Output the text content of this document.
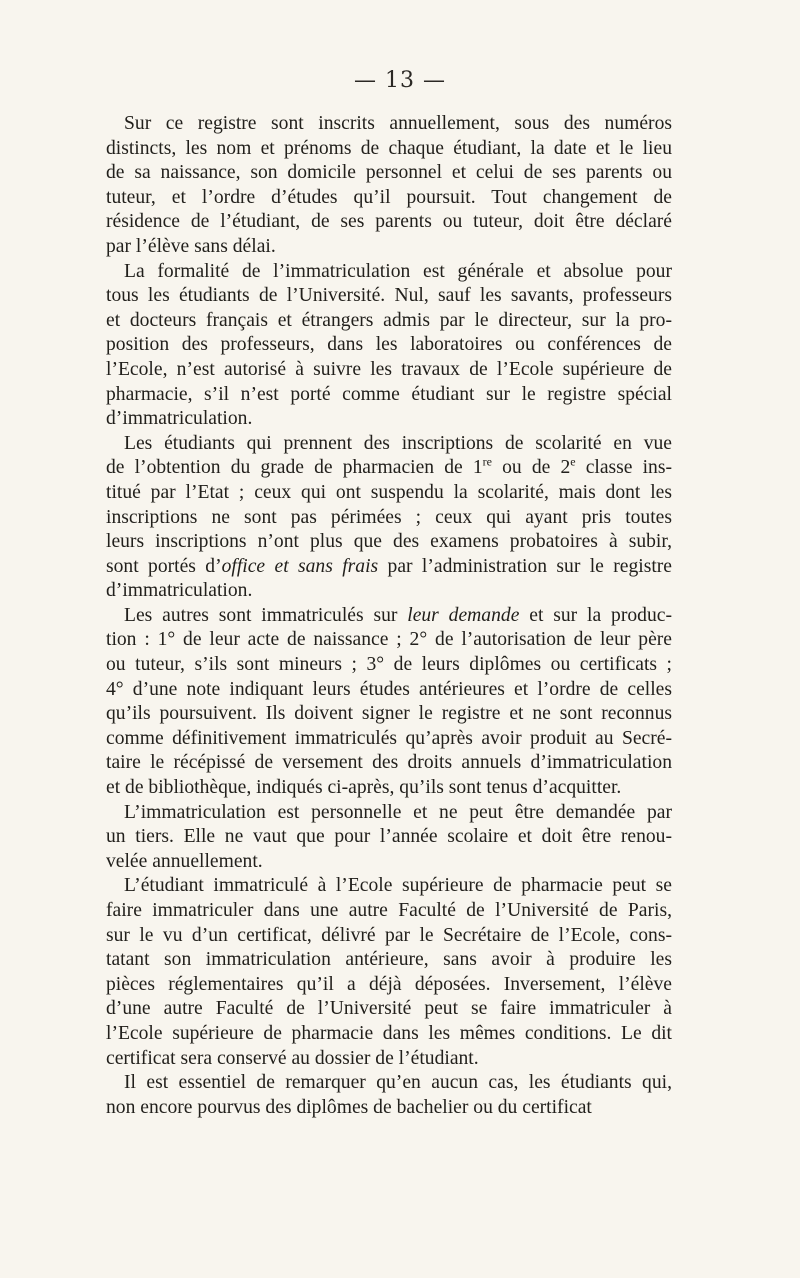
— 13 —
Sur ce registre sont inscrits annuellement, sous des numéros
distincts, les nom et prénoms de chaque étudiant, la date et le lieu
de sa naissance, son domicile personnel et celui de ses parents ou
tuteur, et l’ordre d’études qu’il poursuit. Tout changement de
résidence de l’étudiant, de ses parents ou tuteur, doit être déclaré
par l’élève sans délai.
La formalité de l’immatriculation est générale et absolue pour
tous les étudiants de l’Université. Nul, sauf les savants, professeurs
et docteurs français et étrangers admis par le directeur, sur la pro-
position des professeurs, dans les laboratoires ou conférences de
l’Ecole, n’est autorisé à suivre les travaux de l’Ecole supérieure de
pharmacie, s’il n’est porté comme étudiant sur le registre spécial
d’immatriculation.
Les étudiants qui prennent des inscriptions de scolarité en vue
de l’obtention du grade de pharmacien de 1re ou de 2e classe ins-
titué par l’Etat ; ceux qui ont suspendu la scolarité, mais dont les
inscriptions ne sont pas périmées ; ceux qui ayant pris toutes
leurs inscriptions n’ont plus que des examens probatoires à subir,
sont portés d’office et sans frais par l’administration sur le registre
d’immatriculation.
Les autres sont immatriculés sur leur demande et sur la produc-
tion : 1° de leur acte de naissance ; 2° de l’autorisation de leur père
ou tuteur, s’ils sont mineurs ; 3° de leurs diplômes ou certificats ;
4° d’une note indiquant leurs études antérieures et l’ordre de celles
qu’ils poursuivent. Ils doivent signer le registre et ne sont reconnus
comme définitivement immatriculés qu’après avoir produit au Secré-
taire le récépissé de versement des droits annuels d’immatriculation
et de bibliothèque, indiqués ci-après, qu’ils sont tenus d’acquitter.
L’immatriculation est personnelle et ne peut être demandée par
un tiers. Elle ne vaut que pour l’année scolaire et doit être renou-
velée annuellement.
L’étudiant immatriculé à l’Ecole supérieure de pharmacie peut se
faire immatriculer dans une autre Faculté de l’Université de Paris,
sur le vu d’un certificat, délivré par le Secrétaire de l’Ecole, cons-
tatant son immatriculation antérieure, sans avoir à produire les
pièces réglementaires qu’il a déjà déposées. Inversement, l’élève
d’une autre Faculté de l’Université peut se faire immatriculer à
l’Ecole supérieure de pharmacie dans les mêmes conditions. Le dit
certificat sera conservé au dossier de l’étudiant.
Il est essentiel de remarquer qu’en aucun cas, les étudiants qui,
non encore pourvus des diplômes de bachelier ou du certificat
